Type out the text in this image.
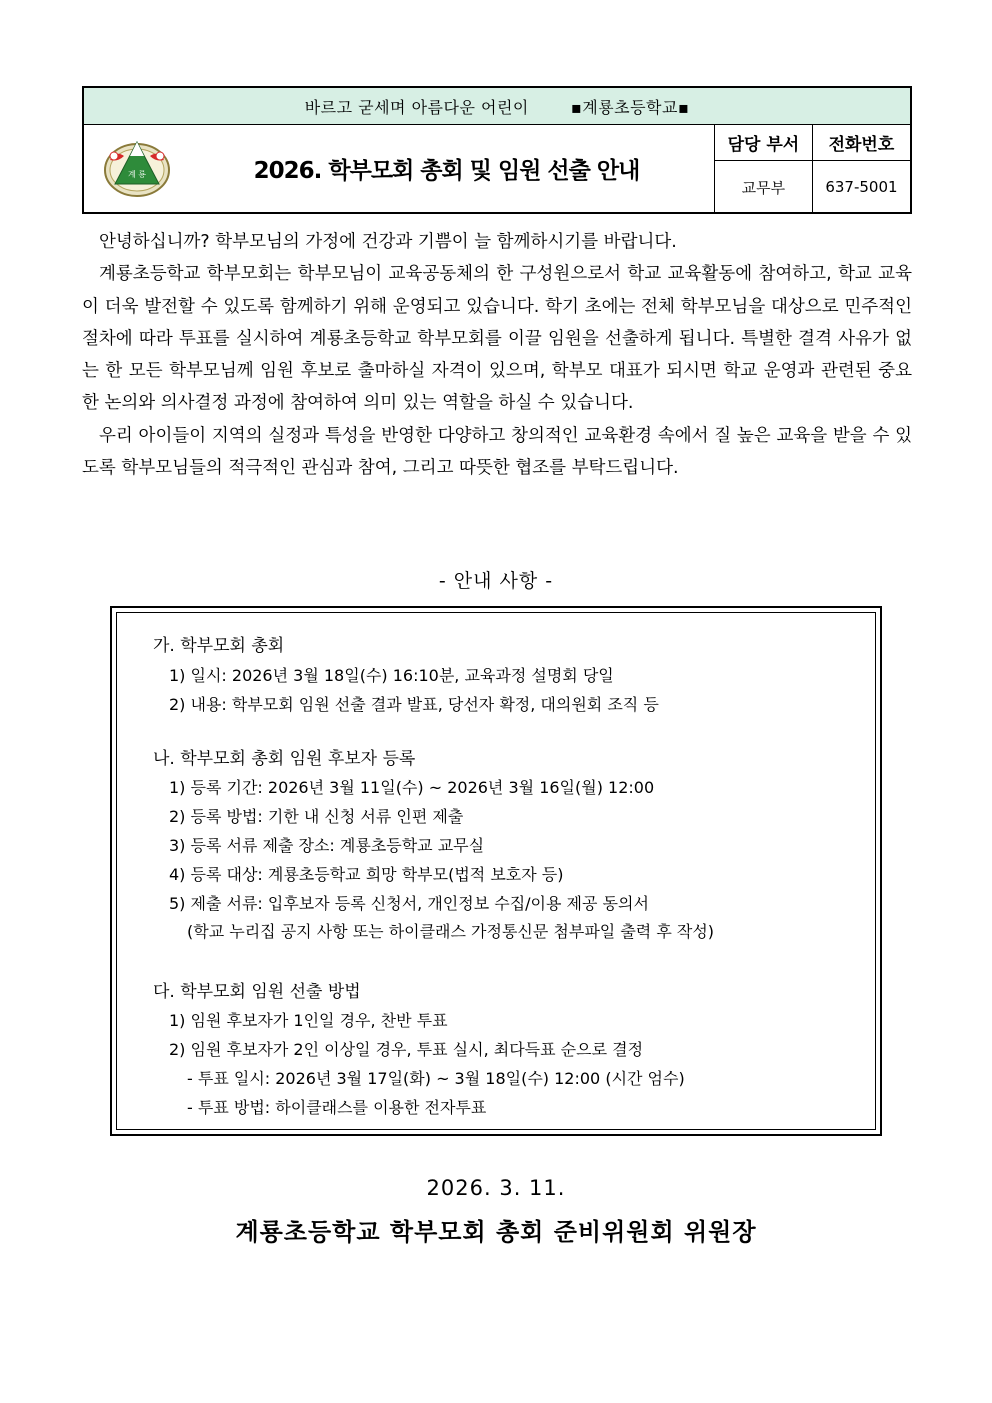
바르고 굳세며 아름다운 어린이	▪계룡초등학교▪
계 룡	2026. 학부모회 총회 및 임원 선출 안내
담당 부서	전화번호
교무부	637-5001

안녕하십니까? 학부모님의 가정에 건강과 기쁨이 늘 함께하시기를 바랍니다.

계룡초등학교 학부모회는 학부모님이 교육공동체의 한 구성원으로서 학교 교육활동에 참여하고, 학교 교육이 더욱 발전할 수 있도록 함께하기 위해 운영되고 있습니다. 학기 초에는 전체 학부모님을 대상으로 민주적인 절차에 따라 투표를 실시하여 계룡초등학교 학부모회를 이끌 임원을 선출하게 됩니다. 특별한 결격 사유가 없는 한 모든 학부모님께 임원 후보로 출마하실 자격이 있으며, 학부모 대표가 되시면 학교 운영과 관련된 중요한 논의와 의사결정 과정에 참여하여 의미 있는 역할을 하실 수 있습니다.

우리 아이들이 지역의 실정과 특성을 반영한 다양하고 창의적인 교육환경 속에서 질 높은 교육을 받을 수 있도록 학부모님들의 적극적인 관심과 참여, 그리고 따뜻한 협조를 부탁드립니다.

- 안내 사항 -
가. 학부모회 총회
1) 일시: 2026년 3월 18일(수) 16:10분, 교육과정 설명회 당일
2) 내용: 학부모회 임원 선출 결과 발표, 당선자 확정, 대의원회 조직 등
나. 학부모회 총회 임원 후보자 등록
1) 등록 기간: 2026년 3월 11일(수) ~ 2026년 3월 16일(월) 12:00
2) 등록 방법: 기한 내 신청 서류 인편 제출
3) 등록 서류 제출 장소: 계룡초등학교 교무실
4) 등록 대상: 계룡초등학교 희망 학부모(법적 보호자 등)
5) 제출 서류: 입후보자 등록 신청서, 개인정보 수집/이용 제공 동의서
(학교 누리집 공지 사항 또는 하이클래스 가정통신문 첨부파일 출력 후 작성)
다. 학부모회 임원 선출 방법
1) 임원 후보자가 1인일 경우, 찬반 투표
2) 임원 후보자가 2인 이상일 경우, 투표 실시, 최다득표 순으로 결정
- 투표 일시: 2026년 3월 17일(화) ~ 3월 18일(수) 12:00 (시간 엄수)
- 투표 방법: 하이클래스를 이용한 전자투표
2026. 3. 11.
계룡초등학교 학부모회 총회 준비위원회 위원장
